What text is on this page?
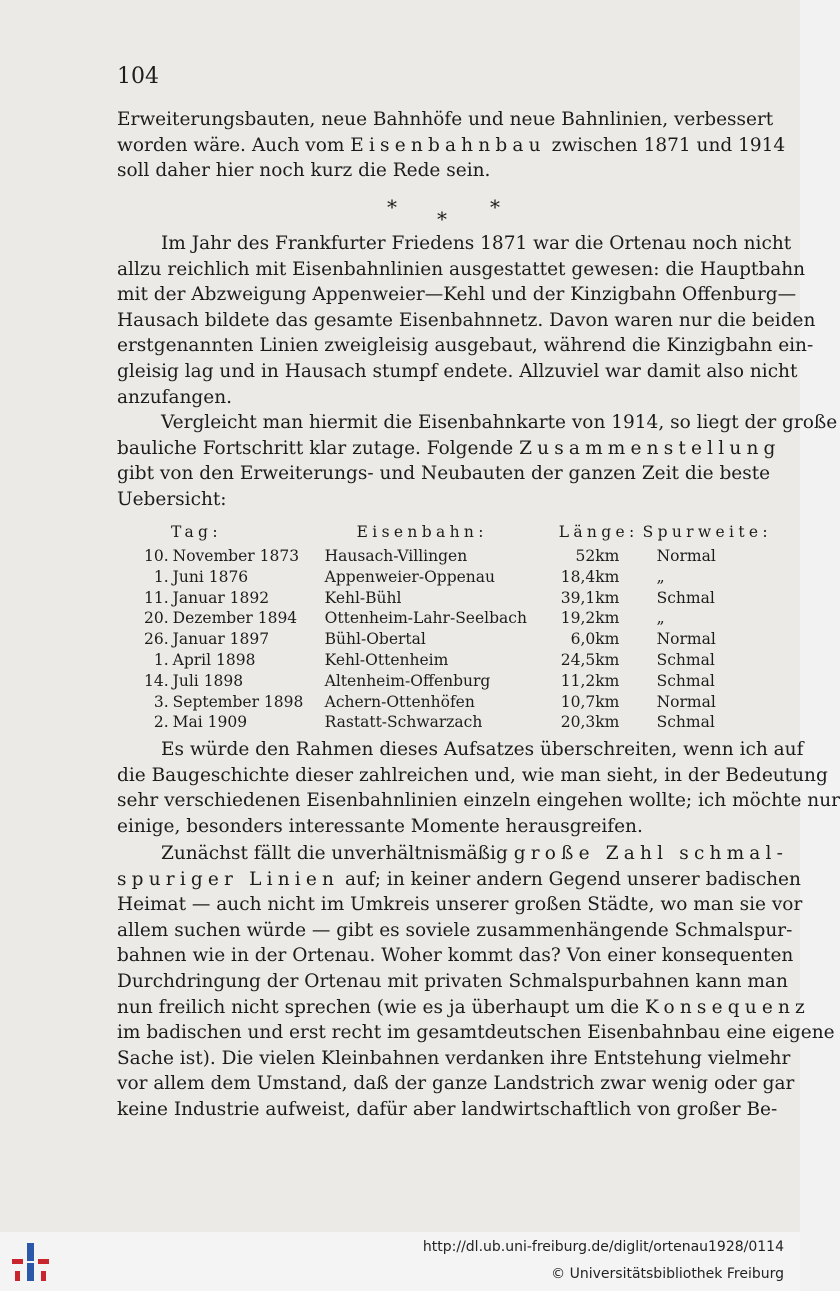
104
Erweiterungsbauten, neue Bahnhöfe und neue Bahnlinien, verbessert
worden wäre. Auch vom Eisenbahnbau zwischen 1871 und 1914
soll daher hier noch kurz die Rede sein.
* * *
Im Jahr des Frankfurter Friedens 1871 war die Ortenau noch nicht
allzu reichlich mit Eisenbahnlinien ausgestattet gewesen: die Hauptbahn
mit der Abzweigung Appenweier—Kehl und der Kinzigbahn Offenburg—
Hausach bildete das gesamte Eisenbahnnetz. Davon waren nur die beiden
erstgenannten Linien zweigleisig ausgebaut, während die Kinzigbahn ein-
gleisig lag und in Hausach stumpf endete. Allzuviel war damit also nicht
anzufangen.
Vergleicht man hiermit die Eisenbahnkarte von 1914, so liegt der große
bauliche Fortschritt klar zutage. Folgende Zusammenstellung
gibt von den Erweiterungs- und Neubauten der ganzen Zeit die beste
Uebersicht:
Tag:	Eisenbahn:	Länge:		Spurweite:
10. November 1873	Hausach-Villingen	52	km	Normal
1. Juni 1876	Appenweier-Oppenau	18,4	km	„
11. Januar 1892	Kehl-Bühl	39,1	km	Schmal
20. Dezember 1894	Ottenheim-Lahr-Seelbach	19,2	km	„
26. Januar 1897	Bühl-Obertal	6,0	km	Normal
1. April 1898	Kehl-Ottenheim	24,5	km	Schmal
14. Juli 1898	Altenheim-Offenburg	11,2	km	Schmal
3. September 1898	Achern-Ottenhöfen	10,7	km	Normal
2. Mai 1909	Rastatt-Schwarzach	20,3	km	Schmal
Es würde den Rahmen dieses Aufsatzes überschreiten, wenn ich auf
die Baugeschichte dieser zahlreichen und, wie man sieht, in der Bedeutung
sehr verschiedenen Eisenbahnlinien einzeln eingehen wollte; ich möchte nur
einige, besonders interessante Momente herausgreifen.
Zunächst fällt die unverhältnismäßig große Zahl schmal-
spuriger Linien auf; in keiner andern Gegend unserer badischen
Heimat — auch nicht im Umkreis unserer großen Städte, wo man sie vor
allem suchen würde — gibt es soviele zusammenhängende Schmalspur-
bahnen wie in der Ortenau. Woher kommt das? Von einer konsequenten
Durchdringung der Ortenau mit privaten Schmalspurbahnen kann man
nun freilich nicht sprechen (wie es ja überhaupt um die Konsequenz
im badischen und erst recht im gesamtdeutschen Eisenbahnbau eine eigene
Sache ist). Die vielen Kleinbahnen verdanken ihre Entstehung vielmehr
vor allem dem Umstand, daß der ganze Landstrich zwar wenig oder gar
keine Industrie aufweist, dafür aber landwirtschaftlich von großer Be-
http://dl.ub.uni-freiburg.de/diglit/ortenau1928/0114
© Universitätsbibliothek Freiburg
